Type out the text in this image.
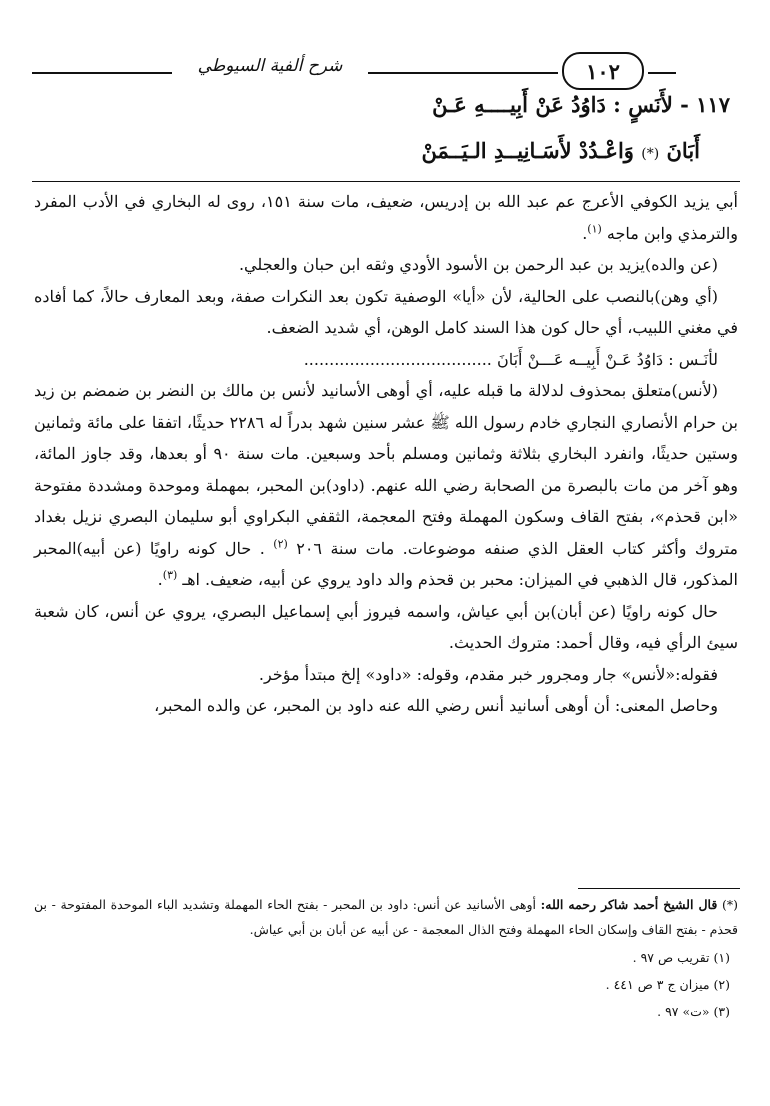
١٠٢
شرح ألفية السيوطي
١١٧ - لأَنَسٍ : دَاوُدُ عَنْ أَبِيــــهِ عَـنْ
أَبَانَ (*) وَاعْـدُدْ لأَسَـانِيــدِ الـيَــمَنْ

أبي يزيد الكوفي الأعرج عم عبد الله بن إدريس، ضعيف، مات سنة ١٥١، روى له البخاري في الأدب المفرد والترمذي وابن ماجه $^{(١)}$.

(عن والده)يزيد بن عبد الرحمن بن الأسود الأودي وثقه ابن حبان والعجلي.

(أي وهن)بالنصب على الحالية، لأن «أيا» الوصفية تكون بعد النكرات صفة، وبعد المعارف حالاً، كما أفاده في مغني اللبيب، أي حال كون هذا السند كامل الوهن، أي شديد الضعف.

لأنَـس : دَاوُدُ عَـنْ أَبِيــه عَـــنْ أَبَانَ .....................................

(لأنس)متعلق بمحذوف لدلالة ما قبله عليه، أي أوهى الأسانيد لأنس بن مالك بن النضر بن ضمضم بن زيد بن حرام الأنصاري النجاري خادم رسول الله ﷺ عشر سنين شهد بدراً له ٢٢٨٦ حديثًا، اتفقا على مائة وثمانين وستين حديثًا، وانفرد البخاري بثلاثة وثمانين ومسلم بأحد وسبعين. مات سنة ٩٠ أو بعدها، وقد جاوز المائة، وهو آخر من مات بالبصرة من الصحابة رضي الله عنهم. (داود)بن المحبر، بمهملة وموحدة ومشددة مفتوحة «ابن قحذم»، بفتح القاف وسكون المهملة وفتح المعجمة، الثقفي البكراوي أبو سليمان البصري نزيل بغداد متروك وأكثر كتاب العقل الذي صنفه موضوعات. مات سنة ٢٠٦ $^{(٢)}$ . حال كونه راويًا (عن أبيه)المحبر المذكور، قال الذهبي في الميزان: محبر بن قحذم والد داود يروي عن أبيه، ضعيف. اهـ $^{(٣)}$.

حال كونه راويًا (عن أبان)بن أبي عياش، واسمه فيروز أبي إسماعيل البصري، يروي عن أنس، كان شعبة سيئ الرأي فيه، وقال أحمد: متروك الحديث.

فقوله:«لأنس» جار ومجرور خبر مقدم، وقوله: «داود» إلخ مبتدأ مؤخر.

وحاصل المعنى: أن أوهى أسانيد أنس رضي الله عنه داود بن المحبر، عن والده المحبر،

(*) قال الشيخ أحمد شاكر رحمه الله: أوهى الأسانيد عن أنس: داود بن المحبر - بفتح الحاء المهملة وتشديد الباء الموحدة المفتوحة - بن قحذم - بفتح القاف وإسكان الحاء المهملة وفتح الذال المعجمة - عن أبيه عن أبان بن أبي عياش.

(١) تقريب ص ٩٧ .
(٢) ميزان ج ٣ ص ٤٤١ .
(٣) «ت» ٩٧ .
